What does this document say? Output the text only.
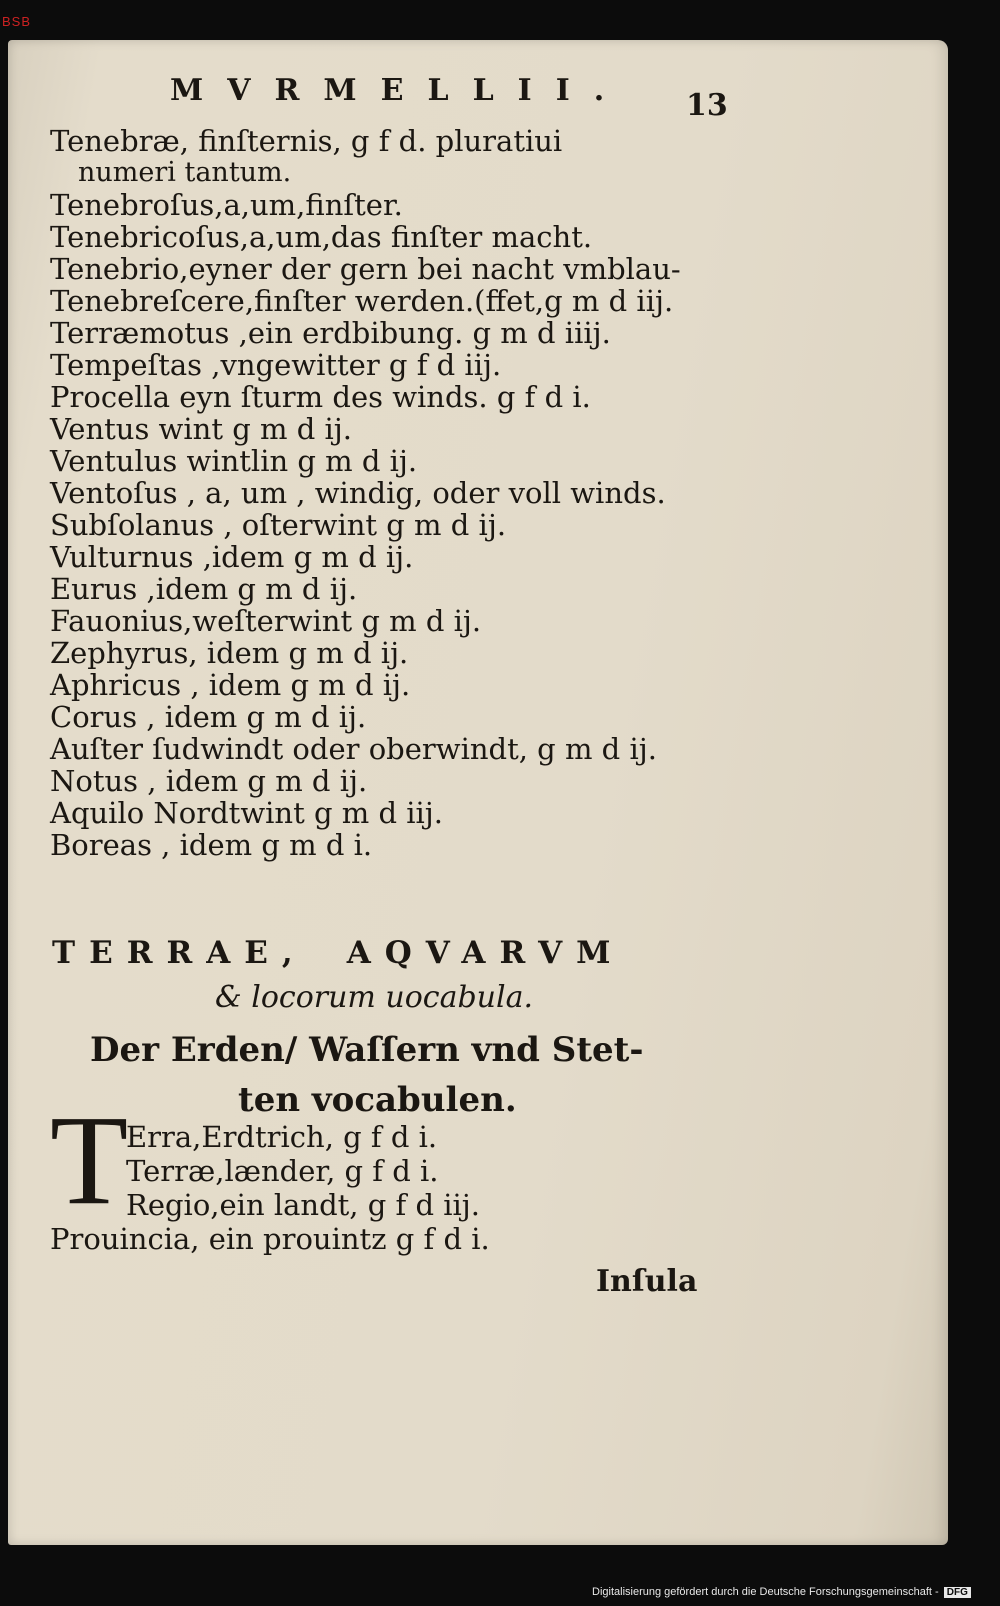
BSB
MVRMELLII. 13
Tenebræ, finſternis, g f d. pluratiui
numeri tantum.
Tenebroſus,a,um,finſter.
Tenebricoſus,a,um,das finſter macht.
Tenebrio,eyner der gern bei nacht vmblau-
Tenebreſcere,finſter werden.(ffet,g m d iij.
Terræmotus ,ein erdbibung. g m d iiij.
Tempeſtas ,vngewitter g f d iij.
Procella eyn ſturm des winds. g f d i.
Ventus wint g m d ij.
Ventulus wintlin g m d ij.
Ventoſus , a, um , windig, oder voll winds.
Subſolanus , oſterwint g m d ij.
Vulturnus ,idem g m d ij.
Eurus ,idem g m d ij.
Fauonius,weſterwint g m d ij.
Zephyrus, idem g m d ij.
Aphricus , idem g m d ij.
Corus , idem g m d ij.
Auſter ſudwindt oder oberwindt, g m d ij.
Notus , idem g m d ij.
Aquilo Nordtwint g m d iij.
Boreas , idem g m d i.
TERRAE, AQVARVM
& locorum uocabula.
Der Erden/ Waſſern vnd Stet-
ten vocabulen.
T
Erra,Erdtrich, g f d i.
Terræ,lænder, g f d i.
Regio,ein landt, g f d iij.
Prouincia, ein prouintz g f d i.
Inſula
Digitalisierung gefördert durch die Deutsche Forschungsgemeinschaft - DFG
